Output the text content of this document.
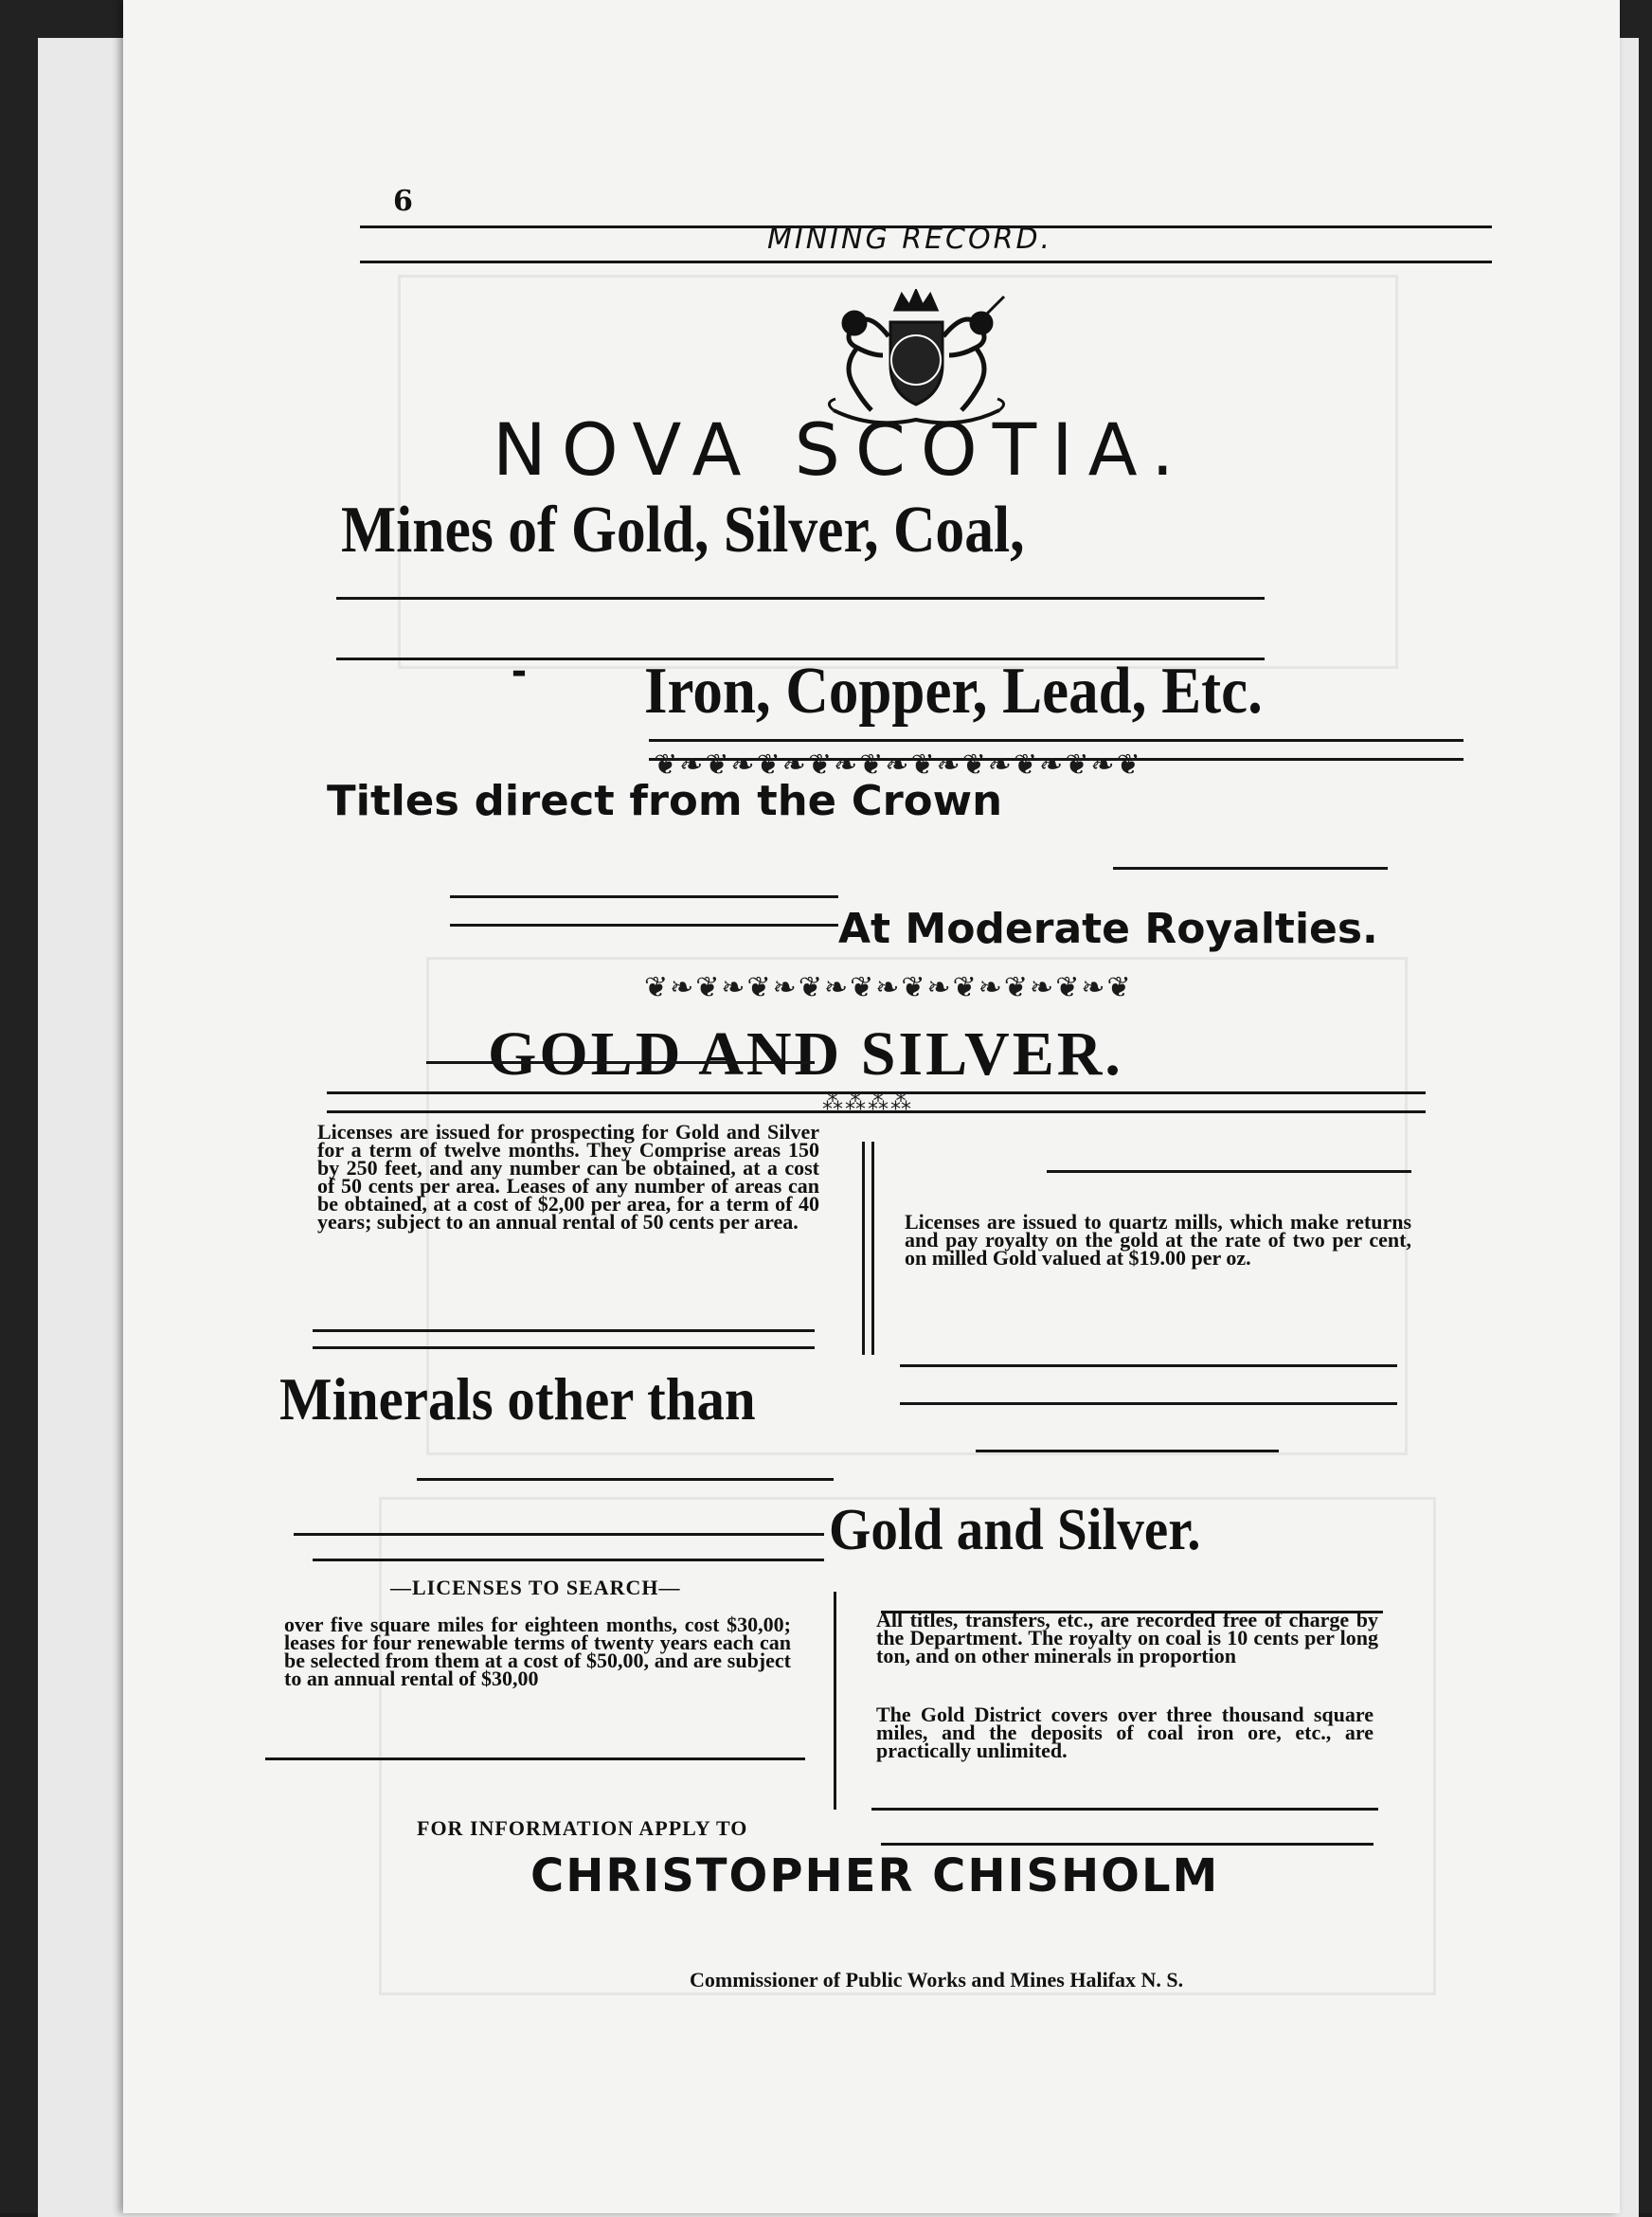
6
MINING RECORD.
NOVA SCOTIA.
Mines of Gold, Silver, Coal,
- Iron, Copper, Lead, Etc.
❦❧❦❧❦❧❦❧❦❧❦❧❦❧❦❧❦❧❦
Titles direct from the Crown
At Moderate Royalties.
❦❧❦❧❦❧❦❧❦❧❦❧❦❧❦❧❦❧❦
GOLD AND SILVER.
⁂⁂⁂⁂
Licenses are issued for prospecting for Gold and Silver for a term of twelve months. They Comprise areas 150 by 250 feet, and any number can be obtained, at a cost of 50 cents per area. Leases of any number of areas can be obtained, at a cost of $2,00 per area, for a term of 40 years; subject to an annual rental of 50 cents per area.	Licenses are issued to quartz mills, which make returns and pay royalty on the gold at the rate of two per cent, on milled Gold valued at $19.00 per oz.
Minerals other than
Gold and Silver.
—LICENSES TO SEARCH—
over five square miles for eighteen months, cost $30,00; leases for four renewable terms of twenty years each can be selected from them at a cost of $50,00, and are subject to an annual rental of $30,00
All titles, transfers, etc., are recorded free of charge by the Department. The royalty on coal is 10 cents per long ton, and on other minerals in proportion
The Gold District covers over three thousand square miles, and the deposits of coal iron ore, etc., are practically unlimited.
FOR INFORMATION APPLY TO
CHRISTOPHER CHISHOLM
Commissioner of Public Works and Mines Halifax N. S.
